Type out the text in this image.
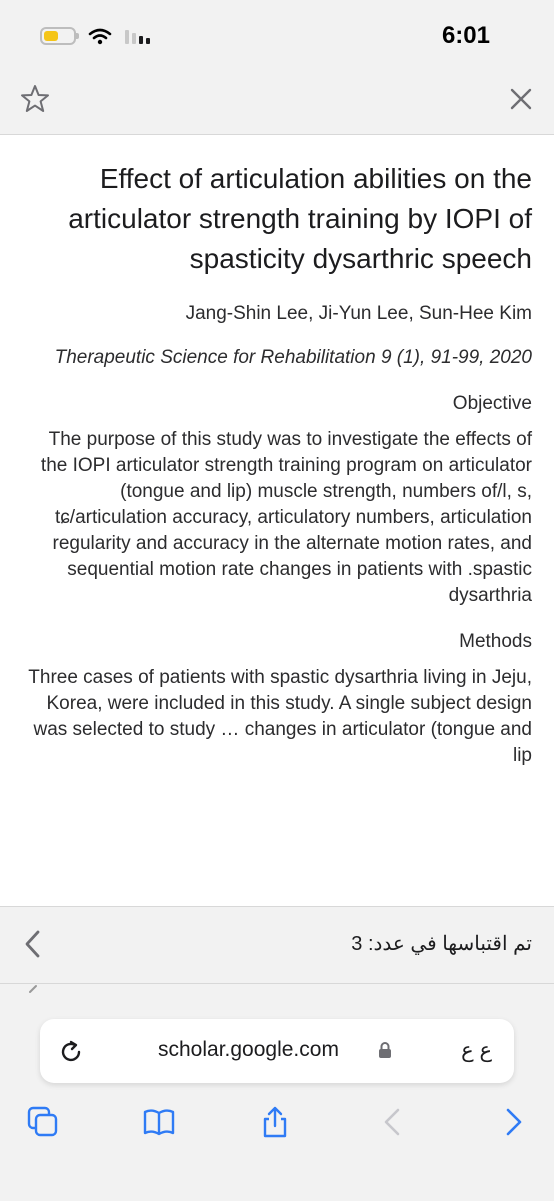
6:01
Effect of articulation abilities on the articulator strength training by IOPI of spasticity dysarthric speech
Jang-Shin Lee, Ji-Yun Lee, Sun-Hee Kim
Therapeutic Science for Rehabilitation 9 (1), 91-99, 2020
Objective
The purpose of this study was to investigate the effects of the IOPI articulator strength training program on articulator (tongue and lip) muscle strength, numbers of/l, s, tɕ/articulation accuracy, articulatory numbers, articulation regularity and accuracy in the alternate motion rates, and sequential motion rate changes in patients with .spastic dysarthria
Methods
Three cases of patients with spastic dysarthria living in Jeju, Korea, were included in this study. A single subject design was selected to study … changes in articulator (tongue and lip
تم اقتباسها في عدد: 3
scholar.google.com	ع ع
